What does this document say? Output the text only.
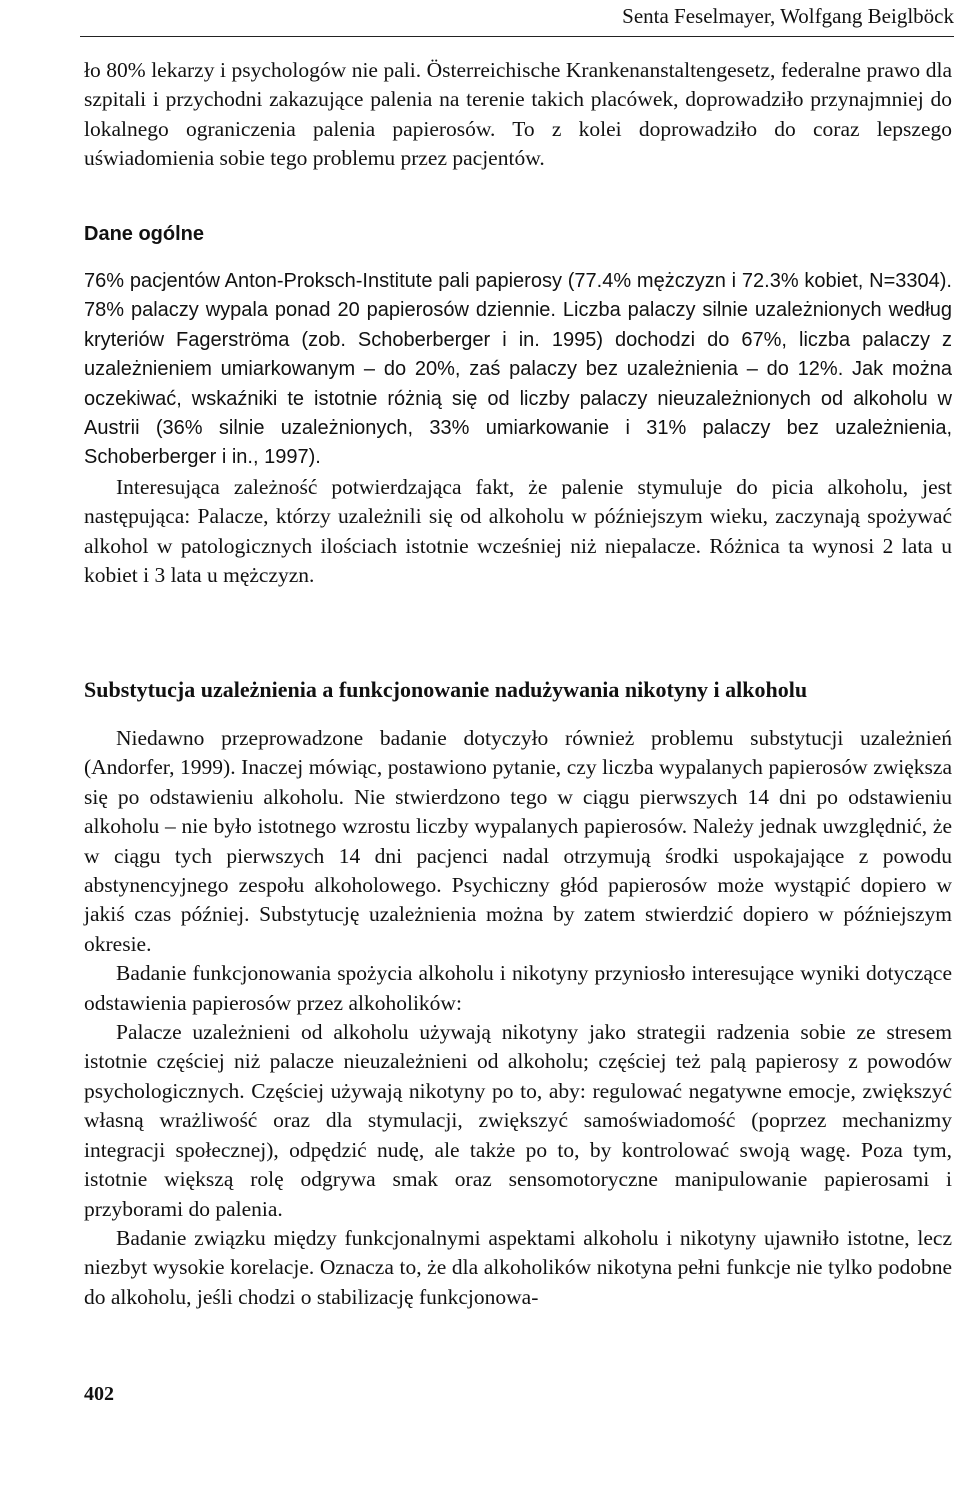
Senta Feselmayer, Wolfgang Beiglböck

ło 80% lekarzy i psychologów nie pali. Österreichische Krankenanstaltengesetz, federalne prawo dla szpitali i przychodni zakazujące palenia na terenie takich placówek, doprowadziło przynajmniej do lokalnego ograniczenia palenia papierosów. To z kolei doprowadziło do coraz lepszego uświadomienia sobie tego problemu przez pacjentów.

Dane ogólne

76% pacjentów Anton-Proksch-Institute pali papierosy (77.4% mężczyzn i 72.3% kobiet, N=3304). 78% palaczy wypala ponad 20 papierosów dziennie. Liczba palaczy silnie uzależnionych według kryteriów Fagerströma (zob. Schoberberger i in. 1995) dochodzi do 67%, liczba palaczy z uzależnieniem umiarkowanym – do 20%, zaś palaczy bez uzależnienia – do 12%. Jak można oczekiwać, wskaźniki te istotnie różnią się od liczby palaczy nieuzależnionych od alkoholu w Austrii (36% silnie uzależnionych, 33% umiarkowanie i 31% palaczy bez uzależnienia, Schoberberger i in., 1997).

Interesująca zależność potwierdzająca fakt, że palenie stymuluje do picia alkoholu, jest następująca: Palacze, którzy uzależnili się od alkoholu w późniejszym wieku, zaczynają spożywać alkohol w patologicznych ilościach istotnie wcześniej niż niepalacze. Różnica ta wynosi 2 lata u kobiet i 3 lata u mężczyzn.

Substytucja uzależnienia a funkcjonowanie nadużywania nikotyny i alkoholu

Niedawno przeprowadzone badanie dotyczyło również problemu substytucji uzależnień (Andorfer, 1999). Inaczej mówiąc, postawiono pytanie, czy liczba wypalanych papierosów zwiększa się po odstawieniu alkoholu. Nie stwierdzono tego w ciągu pierwszych 14 dni po odstawieniu alkoholu – nie było istotnego wzrostu liczby wypalanych papierosów. Należy jednak uwzględnić, że w ciągu tych pierwszych 14 dni pacjenci nadal otrzymują środki uspokajające z powodu abstynencyjnego zespołu alkoholowego. Psychiczny głód papierosów może wystąpić dopiero w jakiś czas później. Substytucję uzależnienia można by zatem stwierdzić dopiero w późniejszym okresie.

Badanie funkcjonowania spożycia alkoholu i nikotyny przyniosło interesujące wyniki dotyczące odstawienia papierosów przez alkoholików:

Palacze uzależnieni od alkoholu używają nikotyny jako strategii radzenia sobie ze stresem istotnie częściej niż palacze nieuzależnieni od alkoholu; częściej też palą papierosy z powodów psychologicznych. Częściej używają nikotyny po to, aby: regulować negatywne emocje, zwiększyć własną wrażliwość oraz dla stymulacji, zwiększyć samoświadomość (poprzez mechanizmy integracji społecznej), odpędzić nudę, ale także po to, by kontrolować swoją wagę. Poza tym, istotnie większą rolę odgrywa smak oraz sensomotoryczne manipulowanie papierosami i przyborami do palenia.

Badanie związku między funkcjonalnymi aspektami alkoholu i nikotyny ujawniło istotne, lecz niezbyt wysokie korelacje. Oznacza to, że dla alkoholików nikotyna pełni funkcje nie tylko podobne do alkoholu, jeśli chodzi o stabilizację funkcjonowa-

402
